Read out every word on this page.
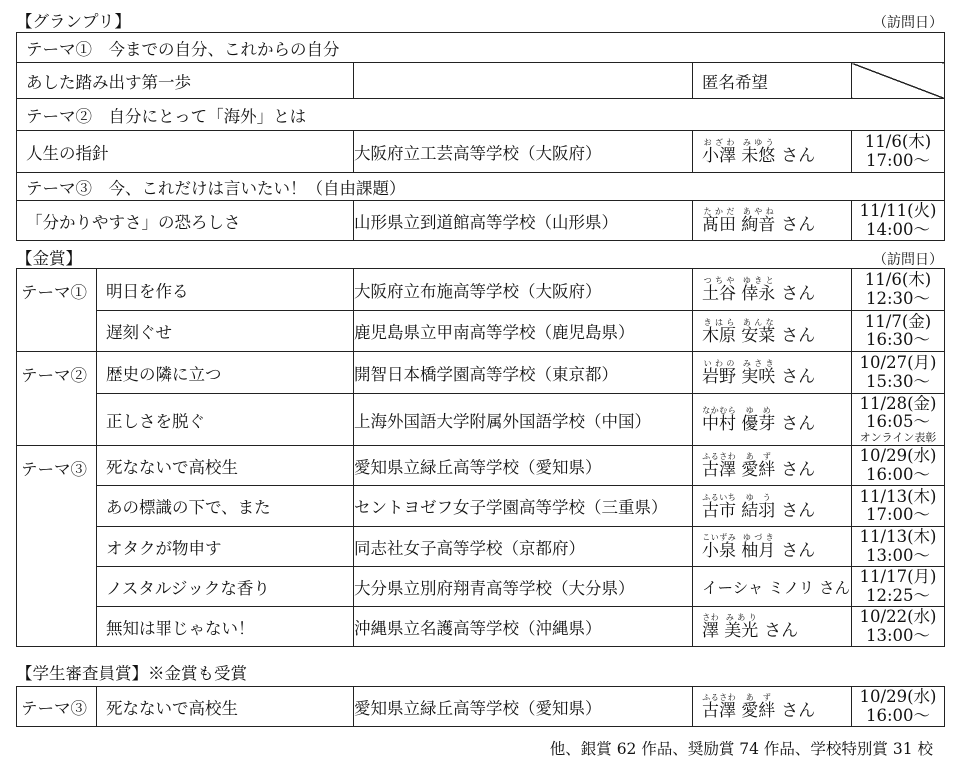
【グランプリ】	（訪問日）
テーマ①　今までの自分、これからの自分			
あした踏み出す第一歩		匿名希望	
テーマ②　自分にとって「海外」とは			
人生の指針	大阪府立工芸高等学校（大阪府）	小澤おざわ 未悠みゆうさん	11/6(木)
17:00～

テーマ③　今、これだけは言いたい！（自由課題）			
「分かりやすさ」の恐ろしさ	山形県立到道館高等学校（山形県）	髙田たかだ 絢音あやねさん	11/11(火)
14:00～
【金賞】	（訪問日）
テーマ①	明日を作る	大阪府立布施高等学校（大阪府）	土谷つちや 倖永ゆきとさん	11/6(木)
12:30～

	遅刻ぐせ	鹿児島県立甲南高等学校（鹿児島県）	木原きはら 安菜あんなさん	11/7(金)
16:30～

テーマ②	歴史の隣に立つ	開智日本橋学園高等学校（東京都）	岩野いわの 実咲みさきさん	10/27(月)
15:30～

	正しさを脱ぐ	上海外国語大学附属外国語学校（中国）	中村なかむら 優芽ゆめさん	11/28(金)
16:05～
オンライン表彰

テーマ③	死なないで高校生	愛知県立緑丘高等学校（愛知県）	古澤ふるさわ 愛絆あずさん	10/29(水)
16:00～

	あの標識の下で、また	セントヨゼフ女子学園高等学校（三重県）	古市ふるいち 結羽ゆうさん	11/13(木)
17:00～

	オタクが物申す	同志社女子高等学校（京都府）	小泉こいずみ 柚月ゆづきさん	11/13(木)
13:00～

	ノスタルジックな香り	大分県立別府翔青高等学校（大分県）	イーシャ ミノリ さん	11/17(月)
12:25～

	無知は罪じゃない！	沖縄県立名護高等学校（沖縄県）	澤さわ 美光みありさん	10/22(水)
13:00～
【学生審査員賞】※金賞も受賞
テーマ③	死なないで高校生	愛知県立緑丘高等学校（愛知県）	古澤ふるさわ 愛絆あずさん	
10/29(水)
16:00～
他、銀賞 62 作品、奨励賞 74 作品、学校特別賞 31 校
